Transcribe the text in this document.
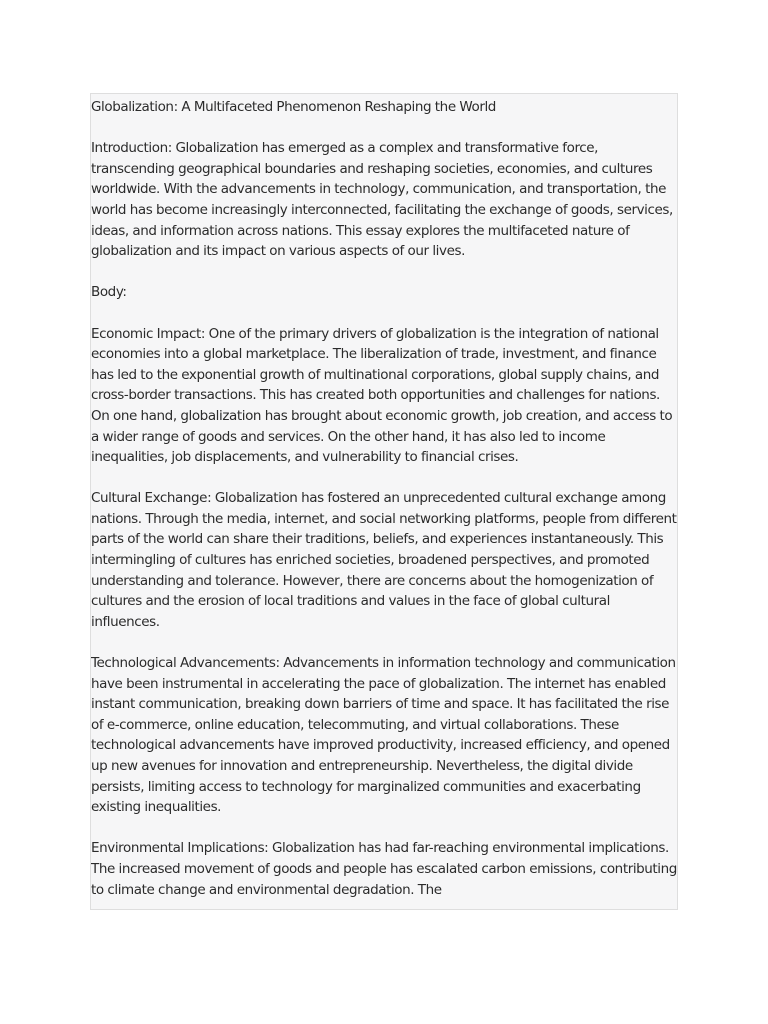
Globalization: A Multifaceted Phenomenon Reshaping the World

Introduction: Globalization has emerged as a complex and transformative force, transcending geographical boundaries and reshaping societies, economies, and cultures worldwide. With the advancements in technology, communication, and transportation, the world has become increasingly interconnected, facilitating the exchange of goods, services, ideas, and information across nations. This essay explores the multifaceted nature of globalization and its impact on various aspects of our lives.

Body:

Economic Impact: One of the primary drivers of globalization is the integration of national economies into a global marketplace. The liberalization of trade, investment, and finance has led to the exponential growth of multinational corporations, global supply chains, and cross-border transactions. This has created both opportunities and challenges for nations. On one hand, globalization has brought about economic growth, job creation, and access to a wider range of goods and services. On the other hand, it has also led to income inequalities, job displacements, and vulnerability to financial crises.

Cultural Exchange: Globalization has fostered an unprecedented cultural exchange among nations. Through the media, internet, and social networking platforms, people from different parts of the world can share their traditions, beliefs, and experiences instantaneously. This intermingling of cultures has enriched societies, broadened perspectives, and promoted understanding and tolerance. However, there are concerns about the homogenization of cultures and the erosion of local traditions and values in the face of global cultural influences.

Technological Advancements: Advancements in information technology and communication have been instrumental in accelerating the pace of globalization. The internet has enabled instant communication, breaking down barriers of time and space. It has facilitated the rise of e-commerce, online education, telecommuting, and virtual collaborations. These technological advancements have improved productivity, increased efficiency, and opened up new avenues for innovation and entrepreneurship. Nevertheless, the digital divide persists, limiting access to technology for marginalized communities and exacerbating existing inequalities.

Environmental Implications: Globalization has had far-reaching environmental implications. The increased movement of goods and people has escalated carbon emissions, contributing to climate change and environmental degradation. The
